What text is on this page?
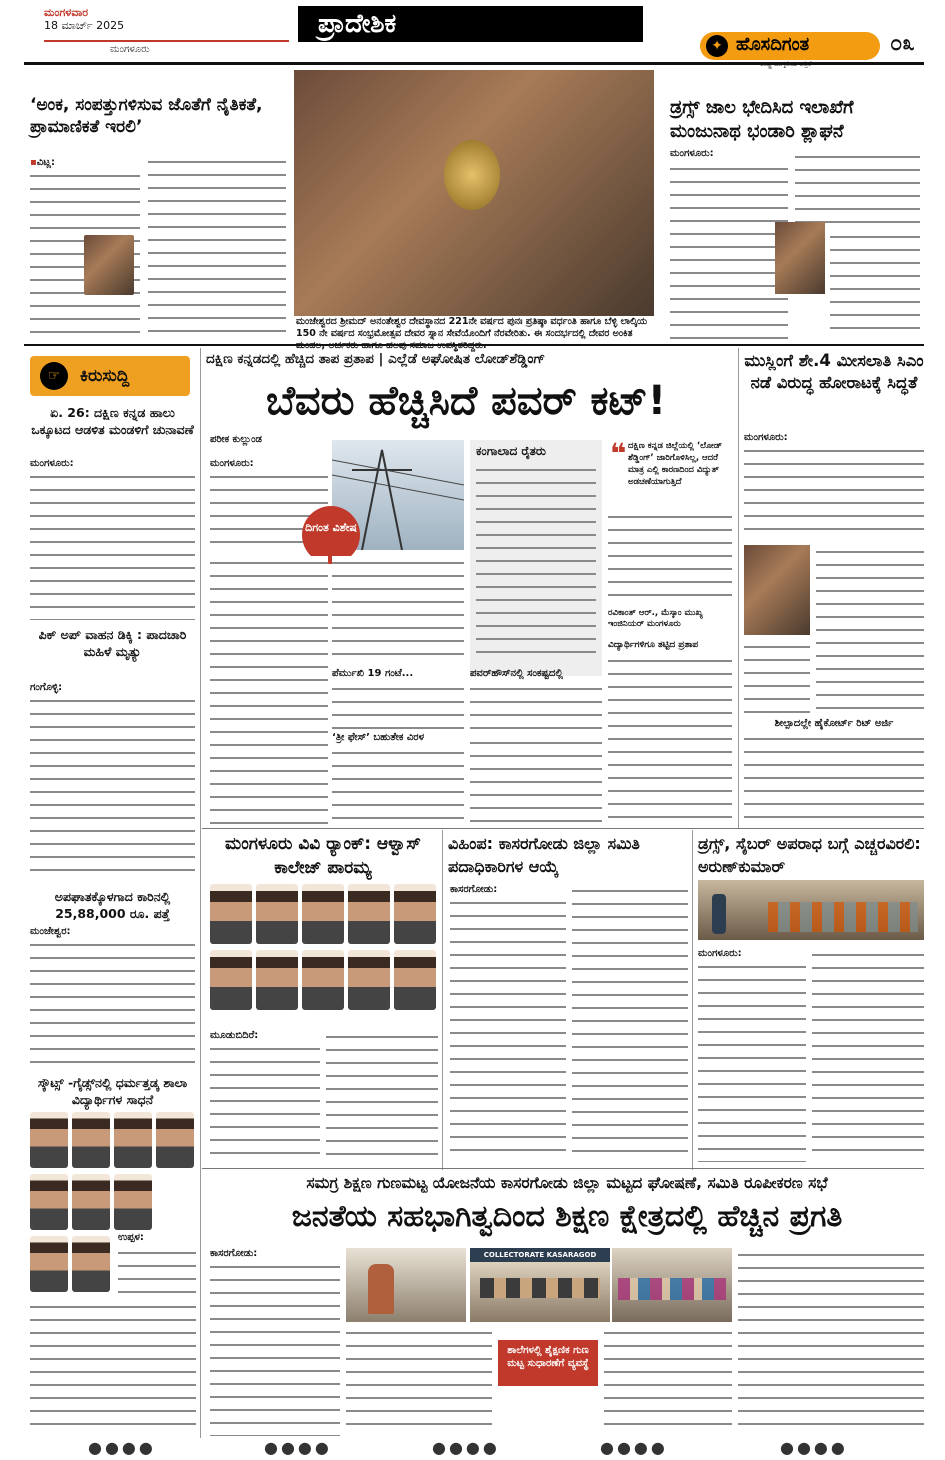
ಮಂಗಳವಾರ
18 ಮಾರ್ಚ್ 2025
ಮಂಗಳೂರು
ಪ್ರಾದೇಶಿಕ
✦ ಹೊಸದಿಗಂತ	೦೩
‘ಅಂಕ, ಸಂಪತ್ತುಗಳಿಸುವ ಜೊತೆಗೆ ನೈತಿಕತೆ, ಪ್ರಾಮಾಣಿಕತೆ ಇರಲಿ’
▪ವಿಟ್ಲ:
ಮಂಜೇಶ್ವರದ ಶ್ರೀಮದ್ ಅನಂತೇಶ್ವರ ದೇವಸ್ಥಾನದ 221ನೇ ವರ್ಷದ ಪುನಃ ಪ್ರತಿಷ್ಠಾ ವರ್ಧಂತಿ ಹಾಗೂ ಬೆಳ್ಳಿ ಲಾಲ್ಕಿಯ 150 ನೇ ವರ್ಷದ ಸಂಭ್ರಮೋತ್ಸವ ದೇವರ ಸ್ನಾನ ಸೇವೆಯೊಂದಿಗೆ ನೆರವೇರಿತು. ಈ ಸಂದರ್ಭದಲ್ಲಿ ದೇವರ ಅಂಕಿತ
ಡ್ರಗ್ಸ್ ಜಾಲ ಭೇದಿಸಿದ ಇಲಾಖೆಗೆ ಮಂಜುನಾಥ ಭಂಡಾರಿ ಶ್ಲಾಘನೆ
ಮಂಗಳೂರು:
☞	ಕಿರುಸುದ್ದಿ
ಏ. 26: ದಕ್ಷಿಣ ಕನ್ನಡ ಹಾಲು ಒಕ್ಕೂಟದ ಆಡಳಿತ ಮಂಡಳಿಗೆ ಚುನಾವಣೆ
ಮಂಗಳೂರು:
ಪಿಕ್ ಅಪ್ ವಾಹನ ಡಿಕ್ಕಿ : ಪಾದಚಾರಿ ಮಹಿಳೆ ಮೃತ್ಯು
ಗಂಗೊಳ್ಳಿ:
ಅಪಘಾತಕ್ಕೊಳಗಾದ ಕಾರಿನಲ್ಲಿ 25,88,000 ರೂ. ಪತ್ತೆ
ಮಂಜೇಶ್ವರ:
ಸ್ಕೌಟ್ಸ್ -ಗೈಡ್ಸ್‌ನಲ್ಲಿ ಧರ್ಮತ್ತಡ್ಕ ಶಾಲಾ ವಿದ್ಯಾರ್ಥಿಗಳ ಸಾಧನೆ
ಉಪ್ಪಳ:
ದಕ್ಷಿಣ ಕನ್ನಡದಲ್ಲಿ ಹೆಚ್ಚಿದ ತಾಪ ಪ್ರತಾಪ | ಎಲ್ಲೆಡೆ ಅಘೋಷಿತ ಲೋಡ್‌ಶೆಡ್ಡಿಂಗ್
ಬೆವರು ಹೆಚ್ಚಿಸಿದೆ ಪವರ್ ಕಟ್!
ಪರೀಕ ಕುಲ್ಲುಂಡ
ಮಂಗಳೂರು:
ದಿಗಂತ ವಿಶೇಷ
ಪೆರ್ಮುಖಿ 19 ಗಂಟೆ...
‘ತ್ರೀ ಫೇಸ್’ ಬಹುತೇಕ ವಿರಳ
ಕಂಗಾಲಾದ ರೈತರು
ಪವರ್‌ಹೌಸ್‌ನಲ್ಲಿ ಸಂಕಷ್ಟದಲ್ಲಿ
❝ ದಕ್ಷಿಣ ಕನ್ನಡ ಜಿಲ್ಲೆಯಲ್ಲಿ ‘ಲೋಡ್ ಶೆಡ್ಡಿಂಗ್’ ಜಾರಿಗೊಳಿಸಿಲ್ಲ, ಆದರೆ ಮಾತ್ರ ಎಲ್ಲಿ ಕಾರಣದಿಂದ ವಿದ್ಯುತ್ ಅಡಚಣೆಯಾಗುತ್ತಿದೆ
ರವಿಕಾಂತ್ ಆರ್., ಮೆಸ್ಕಾಂ ಮುಖ್ಯ ಇಂಜಿನಿಯರ್ ಮಂಗಳೂರು
ವಿದ್ಯಾರ್ಥಿಗಳಿಗೂ ತಟ್ಟಿದ ಪ್ರತಾಪ
ಮುಸ್ಲಿಂಗೆ ಶೇ.4 ಮೀಸಲಾತಿ ಸಿಎಂ ನಡೆ ವಿರುದ್ಧ ಹೋರಾಟಕ್ಕೆ ಸಿದ್ಧತೆ
ಮಂಗಳೂರು:
ಶೀಲ್ಪಾದಲ್ಲೇ ಹೈಕೋರ್ಟ್ ರಿಟ್ ಅರ್ಜಿ
ಮಂಗಳೂರು ವಿವಿ ರ‍್ಯಾಂಕ್: ಆಳ್ವಾಸ್ ಕಾಲೇಜ್ ಪಾರಮ್ಯ
ಮೂಡುಬಿದಿರೆ:
ವಿಹಿಂಪ: ಕಾಸರಗೋಡು ಜಿಲ್ಲಾ ಸಮಿತಿ ಪದಾಧಿಕಾರಿಗಳ ಆಯ್ಕೆ
ಕಾಸರಗೋಡು:
ಡ್ರಗ್ಸ್, ಸೈಬರ್ ಅಪರಾಧ ಬಗ್ಗೆ ಎಚ್ಚರವಿರಲಿ: ಅರುಣ್‌ಕುಮಾರ್
ಮಂಗಳೂರು:
ಸಮಗ್ರ ಶಿಕ್ಷಣ ಗುಣಮಟ್ಟ ಯೋಜನೆಯ ಕಾಸರಗೋಡು ಜಿಲ್ಲಾ ಮಟ್ಟದ ಘೋಷಣೆ, ಸಮಿತಿ ರೂಪೀಕರಣ ಸಭೆ
ಜನತೆಯ ಸಹಭಾಗಿತ್ವದಿಂದ ಶಿಕ್ಷಣ ಕ್ಷೇತ್ರದಲ್ಲಿ ಹೆಚ್ಚಿನ ಪ್ರಗತಿ
ಕಾಸರಗೋಡು:	COLLECTORATE KASARAGOD
ಶಾಲೆಗಳಲ್ಲಿ ಶೈಕ್ಷಣಿಕ ಗುಣ ಮಟ್ಟ ಸುಧಾರಣೆಗೆ ವ್ಯವಸ್ಥೆ
●●●●	●●●●	●●●●	●●●●	●●●●
